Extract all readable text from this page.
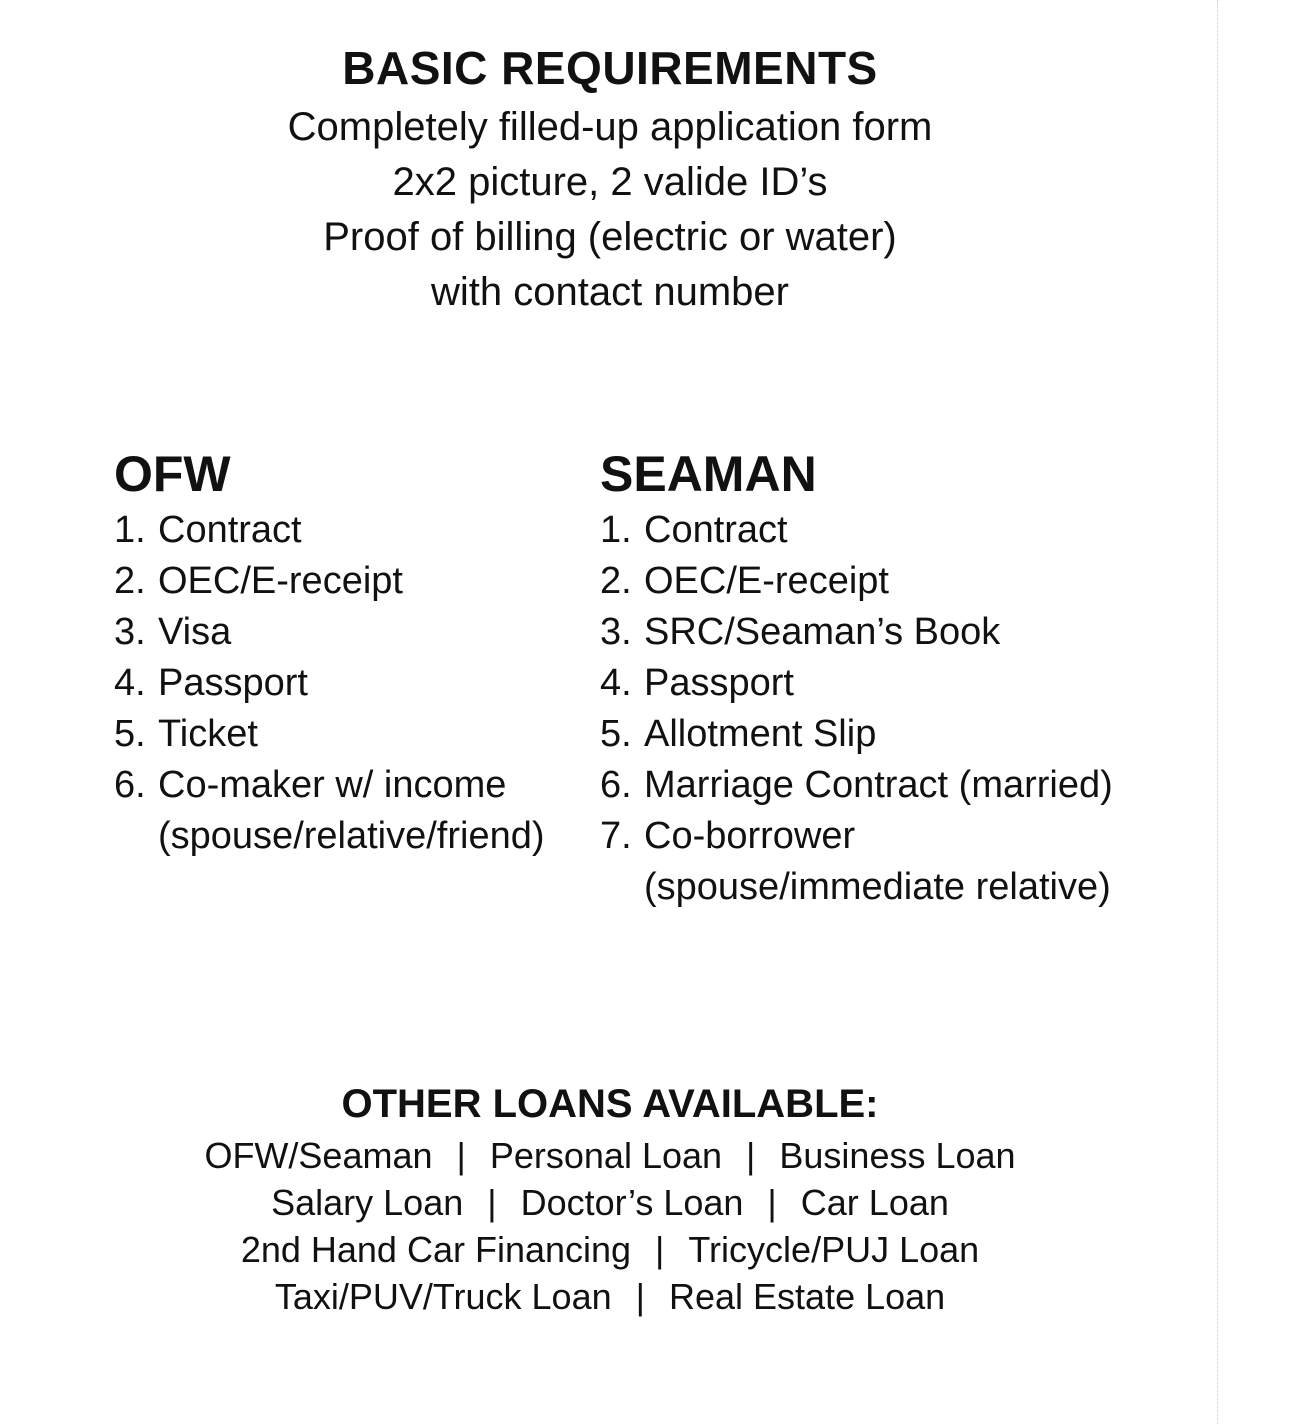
BASIC REQUIREMENTS
Completely filled-up application form
2x2 picture, 2 valide ID’s
Proof of billing (electric or water)
with contact number
OFW
1. Contract
2. OEC/E-receipt
3. Visa
4. Passport
5. Ticket
6. Co-maker w/ income
(spouse/relative/friend)
SEAMAN
1. Contract
2. OEC/E-receipt
3. SRC/Seaman’s Book
4. Passport
5. Allotment Slip
6. Marriage Contract (married)
7. Co-borrower
(spouse/immediate relative)
OTHER LOANS AVAILABLE:
OFW/Seaman | Personal Loan | Business Loan
Salary Loan | Doctor’s Loan | Car Loan
2nd Hand Car Financing | Tricycle/PUJ Loan
Taxi/PUV/Truck Loan | Real Estate Loan
